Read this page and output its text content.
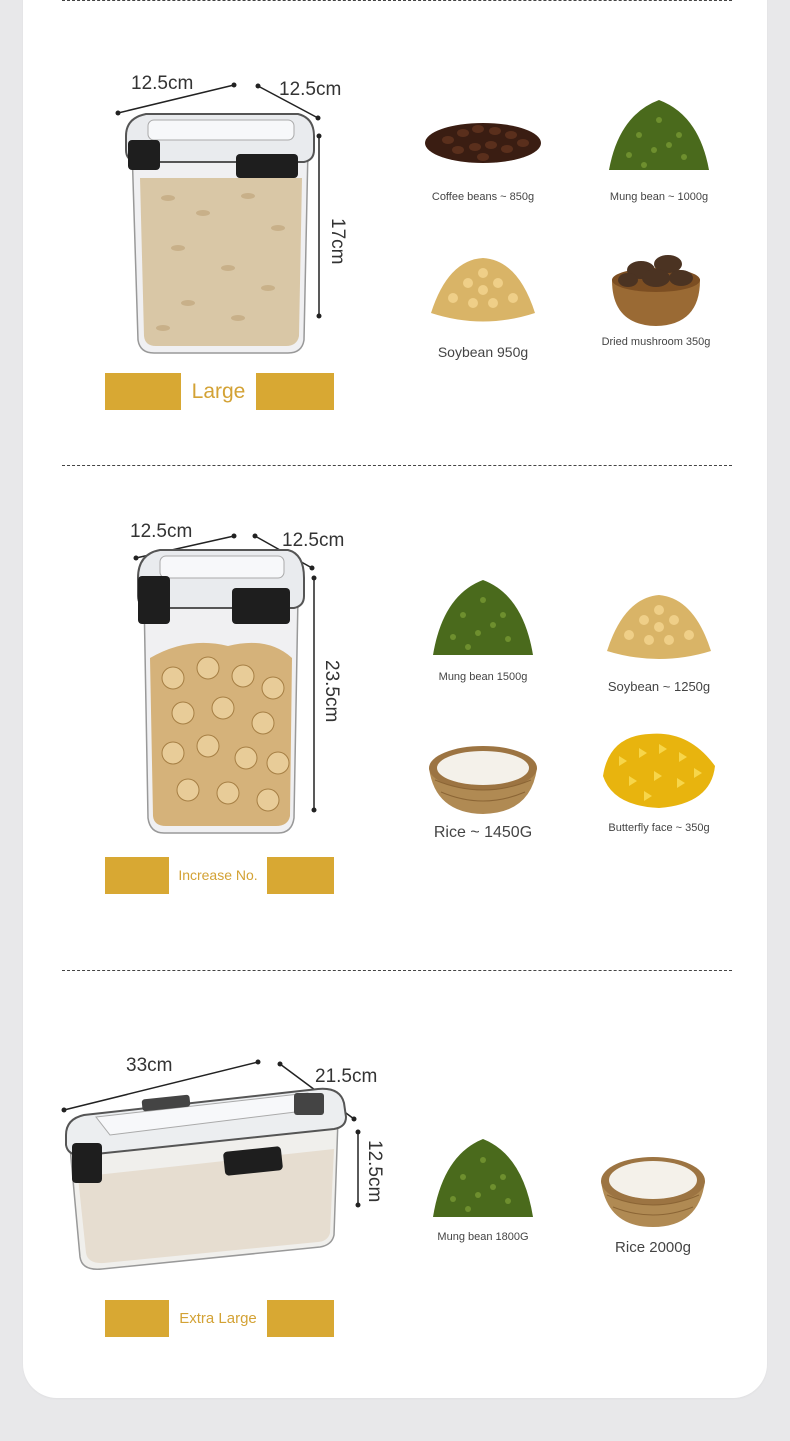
12.5cm	12.5cm
17cm
Large
Coffee beans ~ 850g	Mung bean ~ 1000g
Soybean 950g
Dried mushroom 350g
12.5cm	12.5cm
23.5cm
Increase No.
Mung bean 1500g
Soybean ~ 1250g
Rice ~ 1450G	Butterfly face ~ 350g
33cm
21.5cm
12.5cm
Extra Large
Mung bean 1800G
Rice 2000g
